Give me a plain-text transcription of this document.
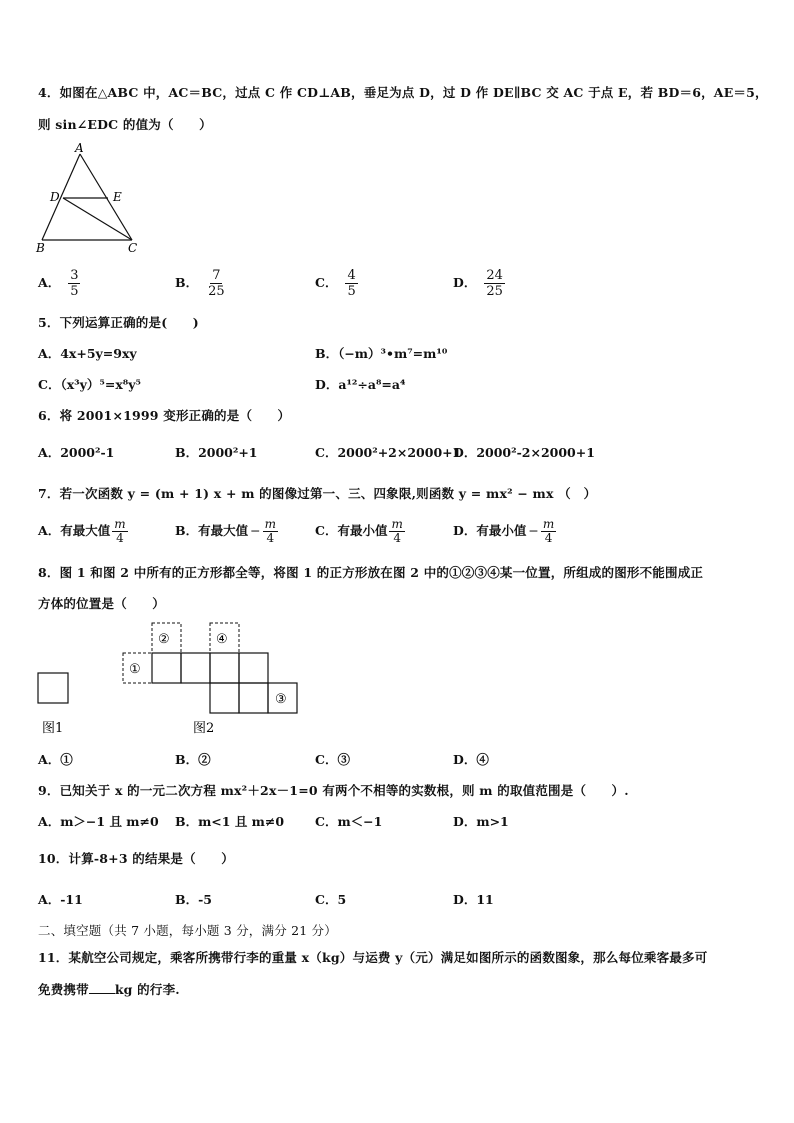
4．如图在△ABC 中，AC＝BC，过点 C 作 CD⊥AB，垂足为点 D，过 D 作 DE∥BC 交 AC 于点 E，若 BD＝6，AE＝5，
则 sin∠EDC 的值为（　　）
A
D	E
B	C
A． $\frac{3}{5}$	B． $\frac{7}{25}$	C． $\frac{4}{5}$	D． $\frac{24}{25}$
5．下列运算正确的是(　　)
A．4x+5y=9xy	B．（−m）³•m⁷=m¹⁰
C．（x³y）⁵=x⁸y⁵	D．a¹²÷a⁸=a⁴
6．将 2001×1999 变形正确的是（　　）
A．2000²-1	B．2000²+1	C．2000²+2×2000+1
D．2000²-2×2000+1
7．若一次函数 y = (m + 1) x + m 的图像过第一、三、四象限,则函数 y = mx² − mx （　）
A．有最大值 $\frac{m}{4}$	B．有最大值 − $\frac{m}{4}$	C．有最小值 $\frac{m}{4}$	D．有最小值 − $\frac{m}{4}$
8．图 1 和图 2 中所有的正方形都全等，将图 1 的正方形放在图 2 中的①②③④某一位置，所组成的图形不能围成正
方体的位置是（　　）
图1
①
②	④
③
图2
A．①	B．②	C．③	D．④
9．已知关于 x 的一元二次方程 mx²＋2x－1=0 有两个不相等的实数根，则 m 的取值范围是（　　）.
A．m＞−1 且 m≠0 B．m<1 且 m≠0 C．m＜−1	D．m>1
10．计算-8+3 的结果是（　　）
A．-11	B．-5	C．5	D．11
二、填空题（共 7 小题，每小题 3 分，满分 21 分）
11．某航空公司规定，乘客所携带行李的重量 x（kg）与运费 y（元）满足如图所示的函数图象，那么每位乘客最多可
免费携带 kg 的行李.
